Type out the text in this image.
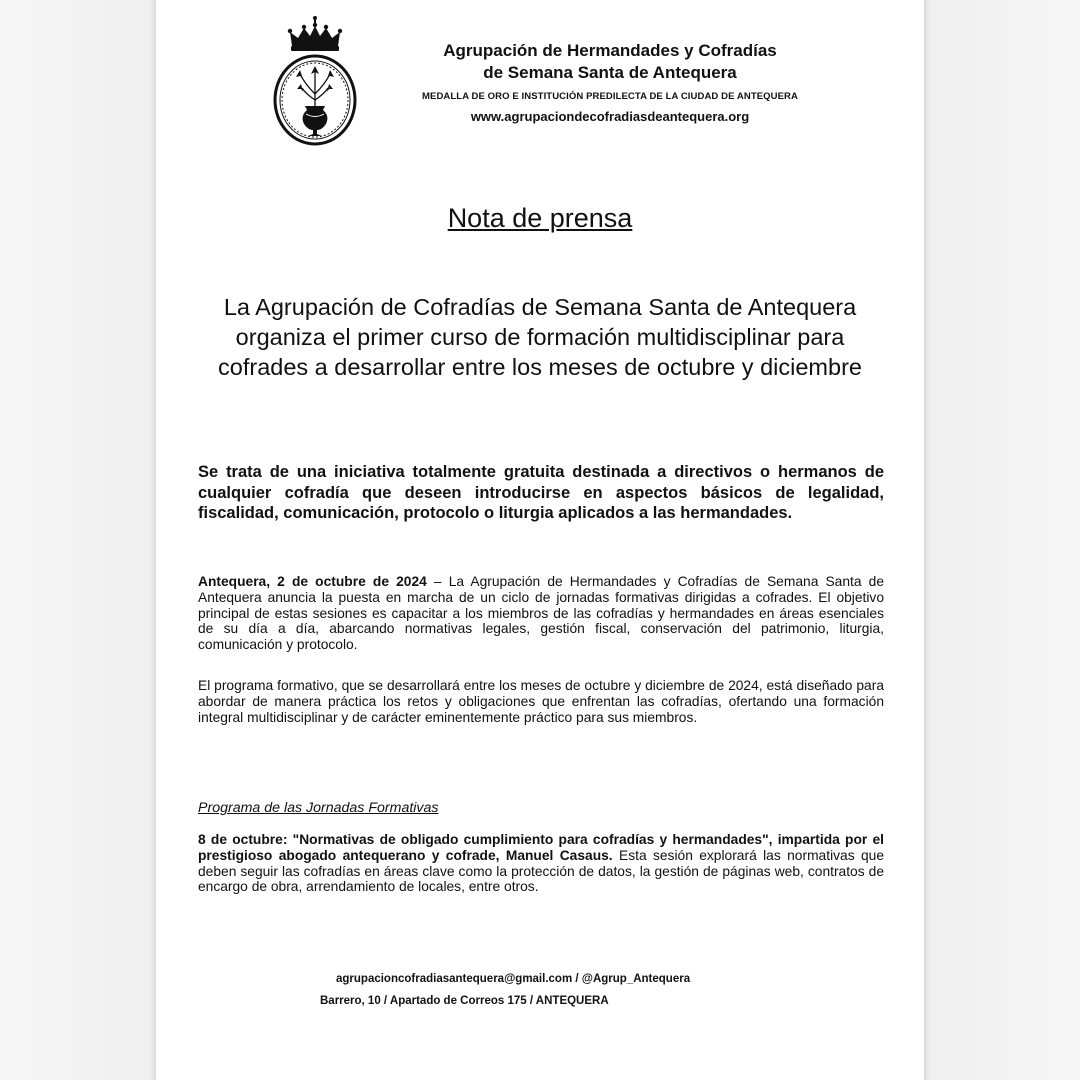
Agrupación de Hermandades y Cofradías
de Semana Santa de Antequera
MEDALLA DE ORO E INSTITUCIÓN PREDILECTA DE LA CIUDAD DE ANTEQUERA
www.agrupaciondecofradiasdeantequera.org
Nota de prensa
La Agrupación de Cofradías de Semana Santa de Antequera organiza el primer curso de formación multidisciplinar para cofrades a desarrollar entre los meses de octubre y diciembre
Se trata de una iniciativa totalmente gratuita destinada a directivos o hermanos de cualquier cofradía que deseen introducirse en aspectos básicos de legalidad, fiscalidad, comunicación, protocolo o liturgia aplicados a las hermandades.
Antequera, 2 de octubre de 2024 – La Agrupación de Hermandades y Cofradías de Semana Santa de Antequera anuncia la puesta en marcha de un ciclo de jornadas formativas dirigidas a cofrades. El objetivo principal de estas sesiones es capacitar a los miembros de las cofradías y hermandades en áreas esenciales de su día a día, abarcando normativas legales, gestión fiscal, conservación del patrimonio, liturgia, comunicación y protocolo.
El programa formativo, que se desarrollará entre los meses de octubre y diciembre de 2024, está diseñado para abordar de manera práctica los retos y obligaciones que enfrentan las cofradías, ofertando una formación integral multidisciplinar y de carácter eminentemente práctico para sus miembros.
Programa de las Jornadas Formativas
8 de octubre: "Normativas de obligado cumplimiento para cofradías y hermandades", impartida por el prestigioso abogado antequerano y cofrade, Manuel Casaus. Esta sesión explorará las normativas que deben seguir las cofradías en áreas clave como la protección de datos, la gestión de páginas web, contratos de encargo de obra, arrendamiento de locales, entre otros.
agrupacioncofradiasantequera@gmail.com / @Agrup_Antequera
Barrero, 10 / Apartado de Correos 175 / ANTEQUERA
